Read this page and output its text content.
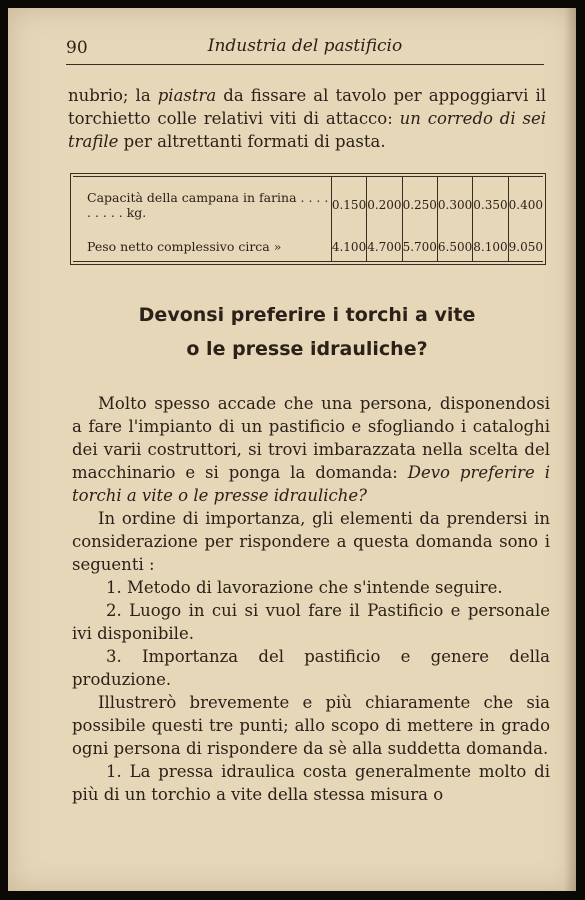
90	Industria del pastificio

nubrio; la piastra da fissare al tavolo per appoggiarvi il torchietto colle relativi viti di attacco: un corredo di sei trafile per altrettanti formati di pasta.

Capacità della campana in farina . . . . . . . . . kg.	0.150	0.200	0.250	0.300	0.350	0.400
Peso netto complessivo circa »	4.100	4.700	5.700	6.500	8.100	9.050
Devonsi preferire i torchi a vite
o le presse idrauliche?

Molto spesso accade che una persona, disponendosi a fare l'impianto di un pastificio e sfogliando i cataloghi dei varii costruttori, si trovi imbarazzata nella scelta del macchinario e si ponga la domanda: Devo preferire i torchi a vite o le presse idrauliche?

In ordine di importanza, gli elementi da prendersi in considerazione per rispondere a questa domanda sono i seguenti :

1. Metodo di lavorazione che s'intende seguire.

2. Luogo in cui si vuol fare il Pastificio e personale ivi disponibile.

3. Importanza del pastificio e genere della produzione.

Illustrerò brevemente e più chiaramente che sia possibile questi tre punti; allo scopo di mettere in grado ogni persona di rispondere da sè alla suddetta domanda.

1. La pressa idraulica costa generalmente molto di più di un torchio a vite della stessa misura o
